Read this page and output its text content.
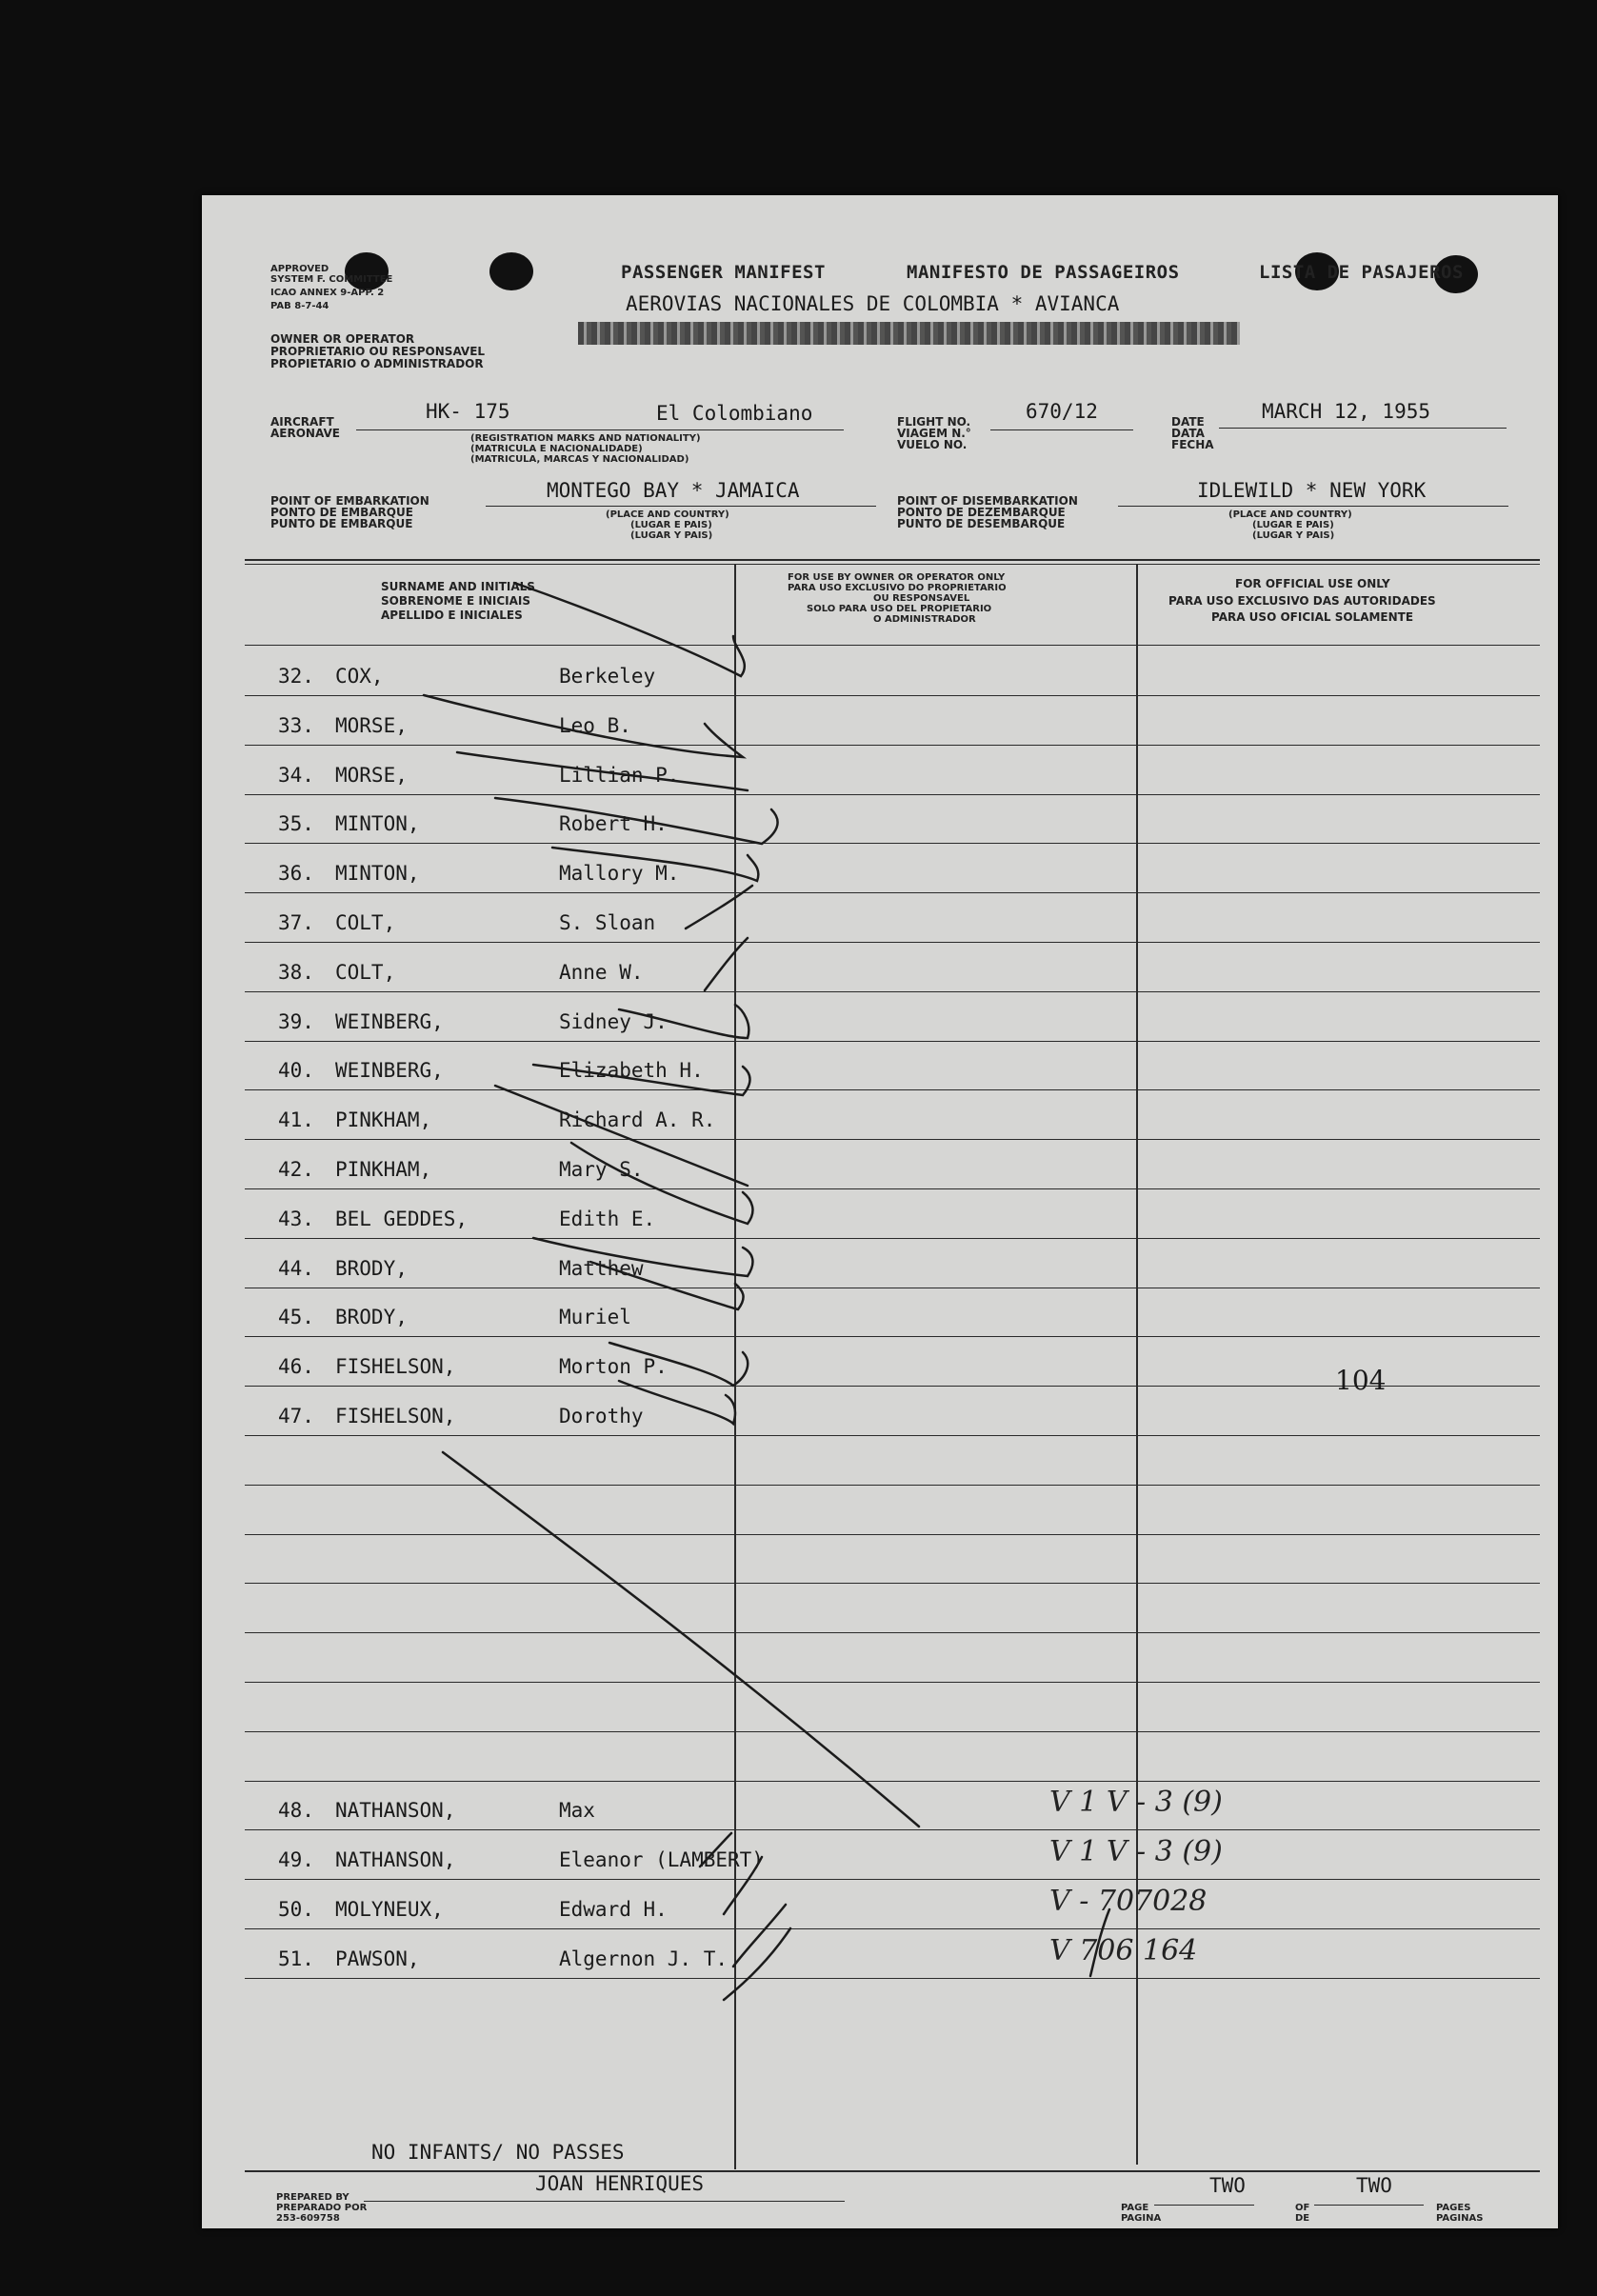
APPROVED
SYSTEM F. COMMITTEE
ICAO ANNEX 9-APP. 2
PAB 8-7-44
OWNER OR OPERATOR
PROPRIETARIO OU RESPONSAVEL
PROPIETARIO O ADMINISTRADOR
PASSENGER MANIFEST	MANIFESTO DE PASSAGEIROS	LISTA DE PASAJEROS
AEROVIAS NACIONALES DE COLOMBIA * AVIANCA
AIRCRAFT
AERONAVE
HK- 175	El Colombiano
(REGISTRATION MARKS AND NATIONALITY)
(MATRICULA E NACIONALIDADE)
(MATRICULA, MARCAS Y NACIONALIDAD)
FLIGHT NO.
VIAGEM N.°
VUELO NO.
670/12	DATE
DATA
FECHA
MARCH 12, 1955
POINT OF EMBARKATION
PONTO DE EMBARQUE
PUNTO DE EMBARQUE
MONTEGO BAY * JAMAICA
(PLACE AND COUNTRY)
(LUGAR E PAIS)
(LUGAR Y PAIS)
POINT OF DISEMBARKATION
PONTO DE DEZEMBARQUE
PUNTO DE DESEMBARQUE
IDLEWILD * NEW YORK
(PLACE AND COUNTRY)
(LUGAR E PAIS)
(LUGAR Y PAIS)
SURNAME AND INITIALS
SOBRENOME E INICIAIS
APELLIDO E INICIALES
FOR USE BY OWNER OR OPERATOR ONLY
PARA USO EXCLUSIVO DO PROPRIETARIO
OU RESPONSAVEL
SOLO PARA USO DEL PROPIETARIO
O ADMINISTRADOR
FOR OFFICIAL USE ONLY
PARA USO EXCLUSIVO DAS AUTORIDADES
PARA USO OFICIAL SOLAMENTE
32. COX,	Berkeley
33. MORSE,	Leo B.
34. MORSE,	Lillian P.
35. MINTON,	Robert H.
36. MINTON,	Mallory M.
37. COLT,	S. Sloan
38. COLT,	Anne W.
39. WEINBERG,	Sidney J.
40. WEINBERG,	Elizabeth H.
41. PINKHAM,	Richard A. R.
42. PINKHAM,	Mary S.
43. BEL GEDDES,	Edith E.
44. BRODY,	Matthew
45. BRODY,	Muriel
46. FISHELSON,	Morton P.
47. FISHELSON,	Dorothy
48. NATHANSON,	Max	V 1 V - 3 (9)
49. NATHANSON,	Eleanor (LAMBERT)	V 1 V - 3 (9)
50. MOLYNEUX,	Edward H.	V - 707028
51. PAWSON,	Algernon J. T.	V 706 164
104
NO INFANTS/ NO PASSES
PREPARED BY
PREPARADO POR
253-609758
JOAN HENRIQUES
PAGE
PAGINA
TWO
OF
DE
TWO
PAGES
PAGINAS
